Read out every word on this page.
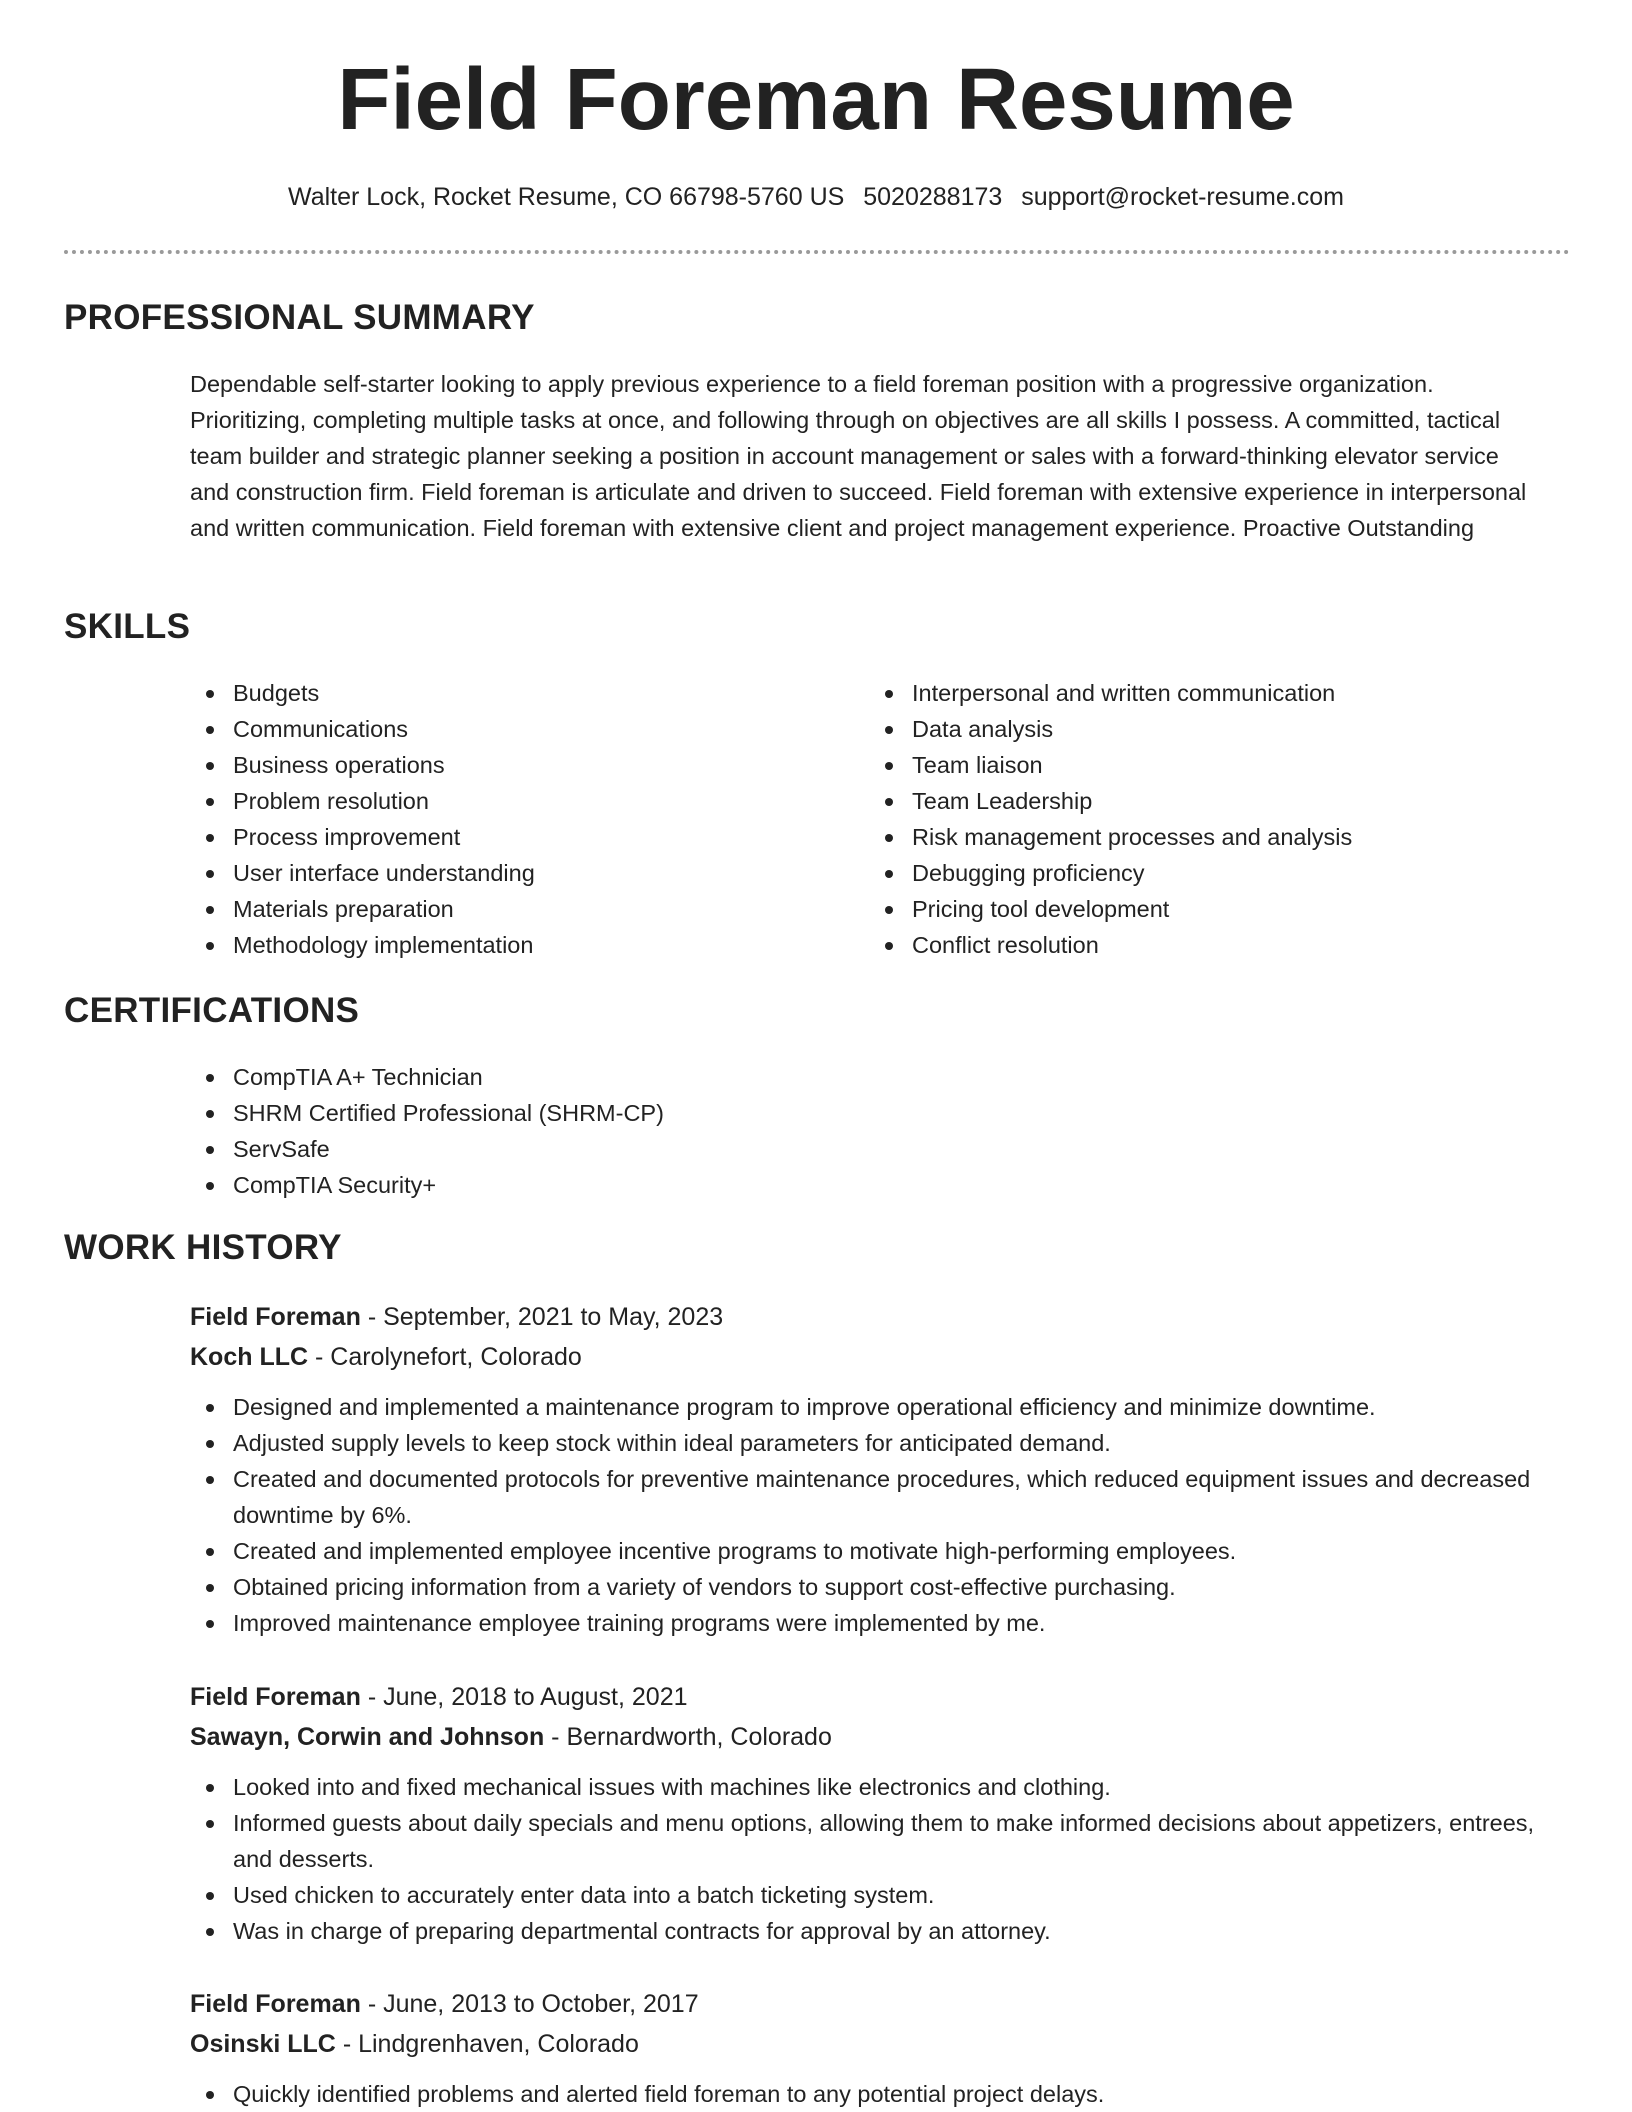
Field Foreman Resume
Walter Lock, Rocket Resume, CO 66798-5760 US 5020288173 support@rocket-resume.com
PROFESSIONAL SUMMARY

Dependable self-starter looking to apply previous experience to a field foreman position with a progressive organization. Prioritizing, completing multiple tasks at once, and following through on objectives are all skills I possess. A committed, tactical team builder and strategic planner seeking a position in account management or sales with a forward-thinking elevator service and construction firm. Field foreman is articulate and driven to succeed. Field foreman with extensive experience in interpersonal and written communication. Field foreman with extensive client and project management experience. Proactive Outstanding

SKILLS
Budgets
Communications
Business operations
Problem resolution
Process improvement
User interface understanding
Materials preparation
Methodology implementation
Interpersonal and written communication
Data analysis
Team liaison
Team Leadership
Risk management processes and analysis
Debugging proficiency
Pricing tool development
Conflict resolution
CERTIFICATIONS
CompTIA A+ Technician
SHRM Certified Professional (SHRM-CP)
ServSafe
CompTIA Security+
WORK HISTORY
Field Foreman - September, 2021 to May, 2023
Koch LLC - Carolynefort, Colorado
Designed and implemented a maintenance program to improve operational efficiency and minimize downtime.
Adjusted supply levels to keep stock within ideal parameters for anticipated demand.
Created and documented protocols for preventive maintenance procedures, which reduced equipment issues and decreased downtime by 6%.
Created and implemented employee incentive programs to motivate high-performing employees.
Obtained pricing information from a variety of vendors to support cost-effective purchasing.
Improved maintenance employee training programs were implemented by me.
Field Foreman - June, 2018 to August, 2021
Sawayn, Corwin and Johnson - Bernardworth, Colorado
Looked into and fixed mechanical issues with machines like electronics and clothing.
Informed guests about daily specials and menu options, allowing them to make informed decisions about appetizers, entrees, and desserts.
Used chicken to accurately enter data into a batch ticketing system.
Was in charge of preparing departmental contracts for approval by an attorney.
Field Foreman - June, 2013 to October, 2017
Osinski LLC - Lindgrenhaven, Colorado
Quickly identified problems and alerted field foreman to any potential project delays.
